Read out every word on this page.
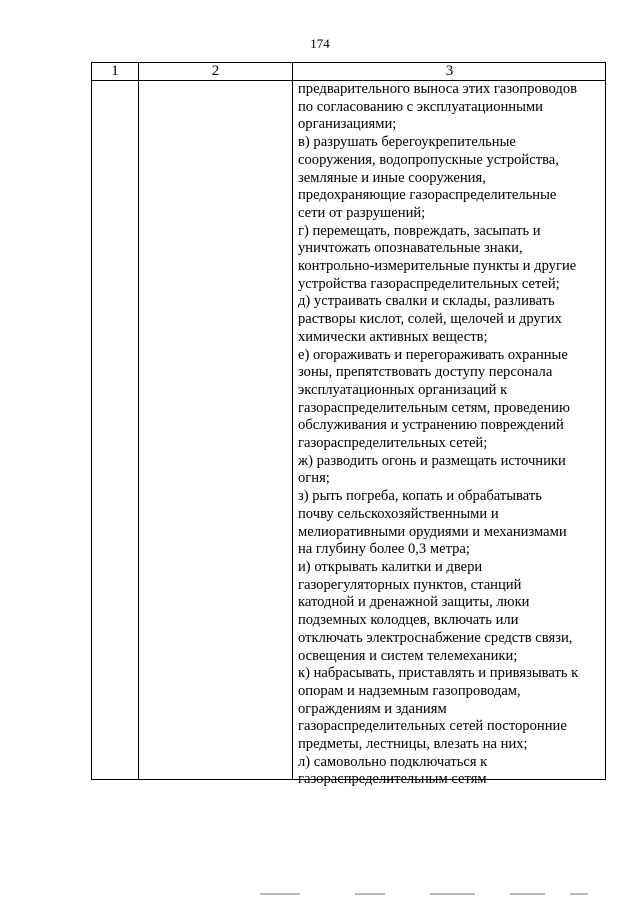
174
1	2	3
предварительного выноса этих газопроводов
по согласованию с эксплуатационными
организациями;
в) разрушать берегоукрепительные
сооружения, водопропускные устройства,
земляные и иные сооружения,
предохраняющие газораспределительные
сети от разрушений;
г) перемещать, повреждать, засыпать и
уничтожать опознавательные знаки,
контрольно-измерительные пункты и другие
устройства газораспределительных сетей;
д) устраивать свалки и склады, разливать
растворы кислот, солей, щелочей и других
химически активных веществ;
е) огораживать и перегораживать охранные
зоны, препятствовать доступу персонала
эксплуатационных организаций к
газораспределительным сетям, проведению
обслуживания и устранению повреждений
газораспределительных сетей;
ж) разводить огонь и размещать источники
огня;
з) рыть погреба, копать и обрабатывать
почву сельскохозяйственными и
мелиоративными орудиями и механизмами
на глубину более 0,3 метра;
и) открывать калитки и двери
газорегуляторных пунктов, станций
катодной и дренажной защиты, люки
подземных колодцев, включать или
отключать электроснабжение средств связи,
освещения и систем телемеханики;
к) набрасывать, приставлять и привязывать к
опорам и надземным газопроводам,
ограждениям и зданиям
газораспределительных сетей посторонние
предметы, лестницы, влезать на них;
л) самовольно подключаться к
газораспределительным сетям
